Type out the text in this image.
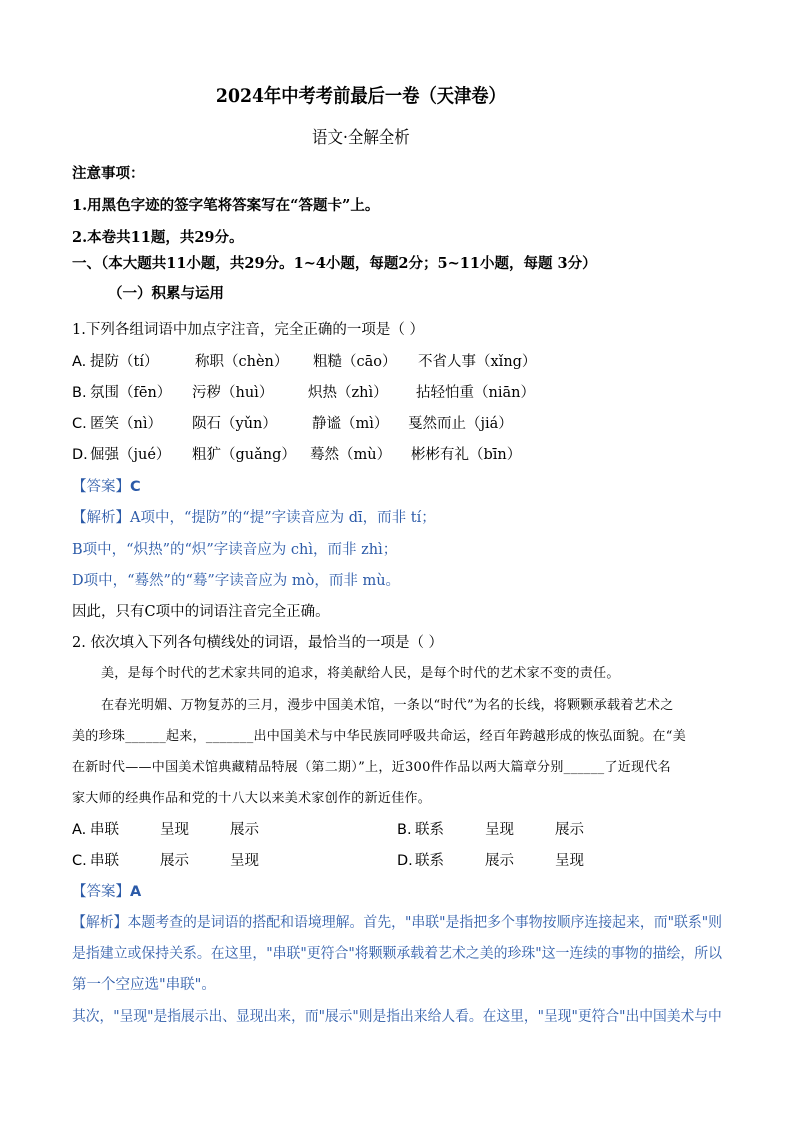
2024年中考考前最后一卷（天津卷）
语文·全解全析
注意事项：
1.用黑色字迹的签字笔将答案写在“答题卡”上。
2.本卷共11题，共29分。
一、（本大题共11小题，共29分。1~4小题，每题2分；5~11小题，每题 3分）
（一）积累与运用
1.下列各组词语中加点字注音，完全正确的一项是（ ）
A. 提防（tí）	称职（chèn） 粗糙（cāo） 不省人事（xǐng）
B. 氛围（fēn） 污秽（huì） 炽热（zhì） 拈轻怕重（niān）
C. 匿笑（nì） 陨石（yǔn） 静谧（mì） 戛然而止（jiá）
D. 倔强（jué） 粗犷（guǎng） 蓦然（mù） 彬彬有礼（bīn）
【答案】C
【解析】A项中，“提防”的“提”字读音应为 dī，而非 tí；
B项中，“炽热”的“炽”字读音应为 chì，而非 zhì；
D项中，“蓦然”的“蓦”字读音应为 mò，而非 mù。
因此，只有C项中的词语注音完全正确。
2. 依次填入下列各句横线处的词语，最恰当的一项是（ ）
美，是每个时代的艺术家共同的追求，将美献给人民，是每个时代的艺术家不变的责任。
在春光明媚、万物复苏的三月，漫步中国美术馆，一条以“时代”为名的长线，将颗颗承载着艺术之
美的珍珠______起来，_______出中国美术与中华民族同呼吸共命运，经百年跨越形成的恢弘面貌。在“美
在新时代——中国美术馆典藏精品特展（第二期）”上，近300件作品以两大篇章分别______了近现代名
家大师的经典作品和党的十八大以来美术家创作的新近佳作。
A. 串联	呈现	展示	B. 联系	呈现	展示
C. 串联	展示	呈现	D. 联系	展示	呈现
【答案】A
【解析】本题考查的是词语的搭配和语境理解。首先，"串联"是指把多个事物按顺序连接起来，而"联系"则
是指建立或保持关系。在这里，"串联"更符合"将颗颗承载着艺术之美的珍珠"这一连续的事物的描绘，所以
第一个空应选"串联"。
其次，"呈现"是指展示出、显现出来，而"展示"则是指出来给人看。在这里，"呈现"更符合"出中国美术与中
